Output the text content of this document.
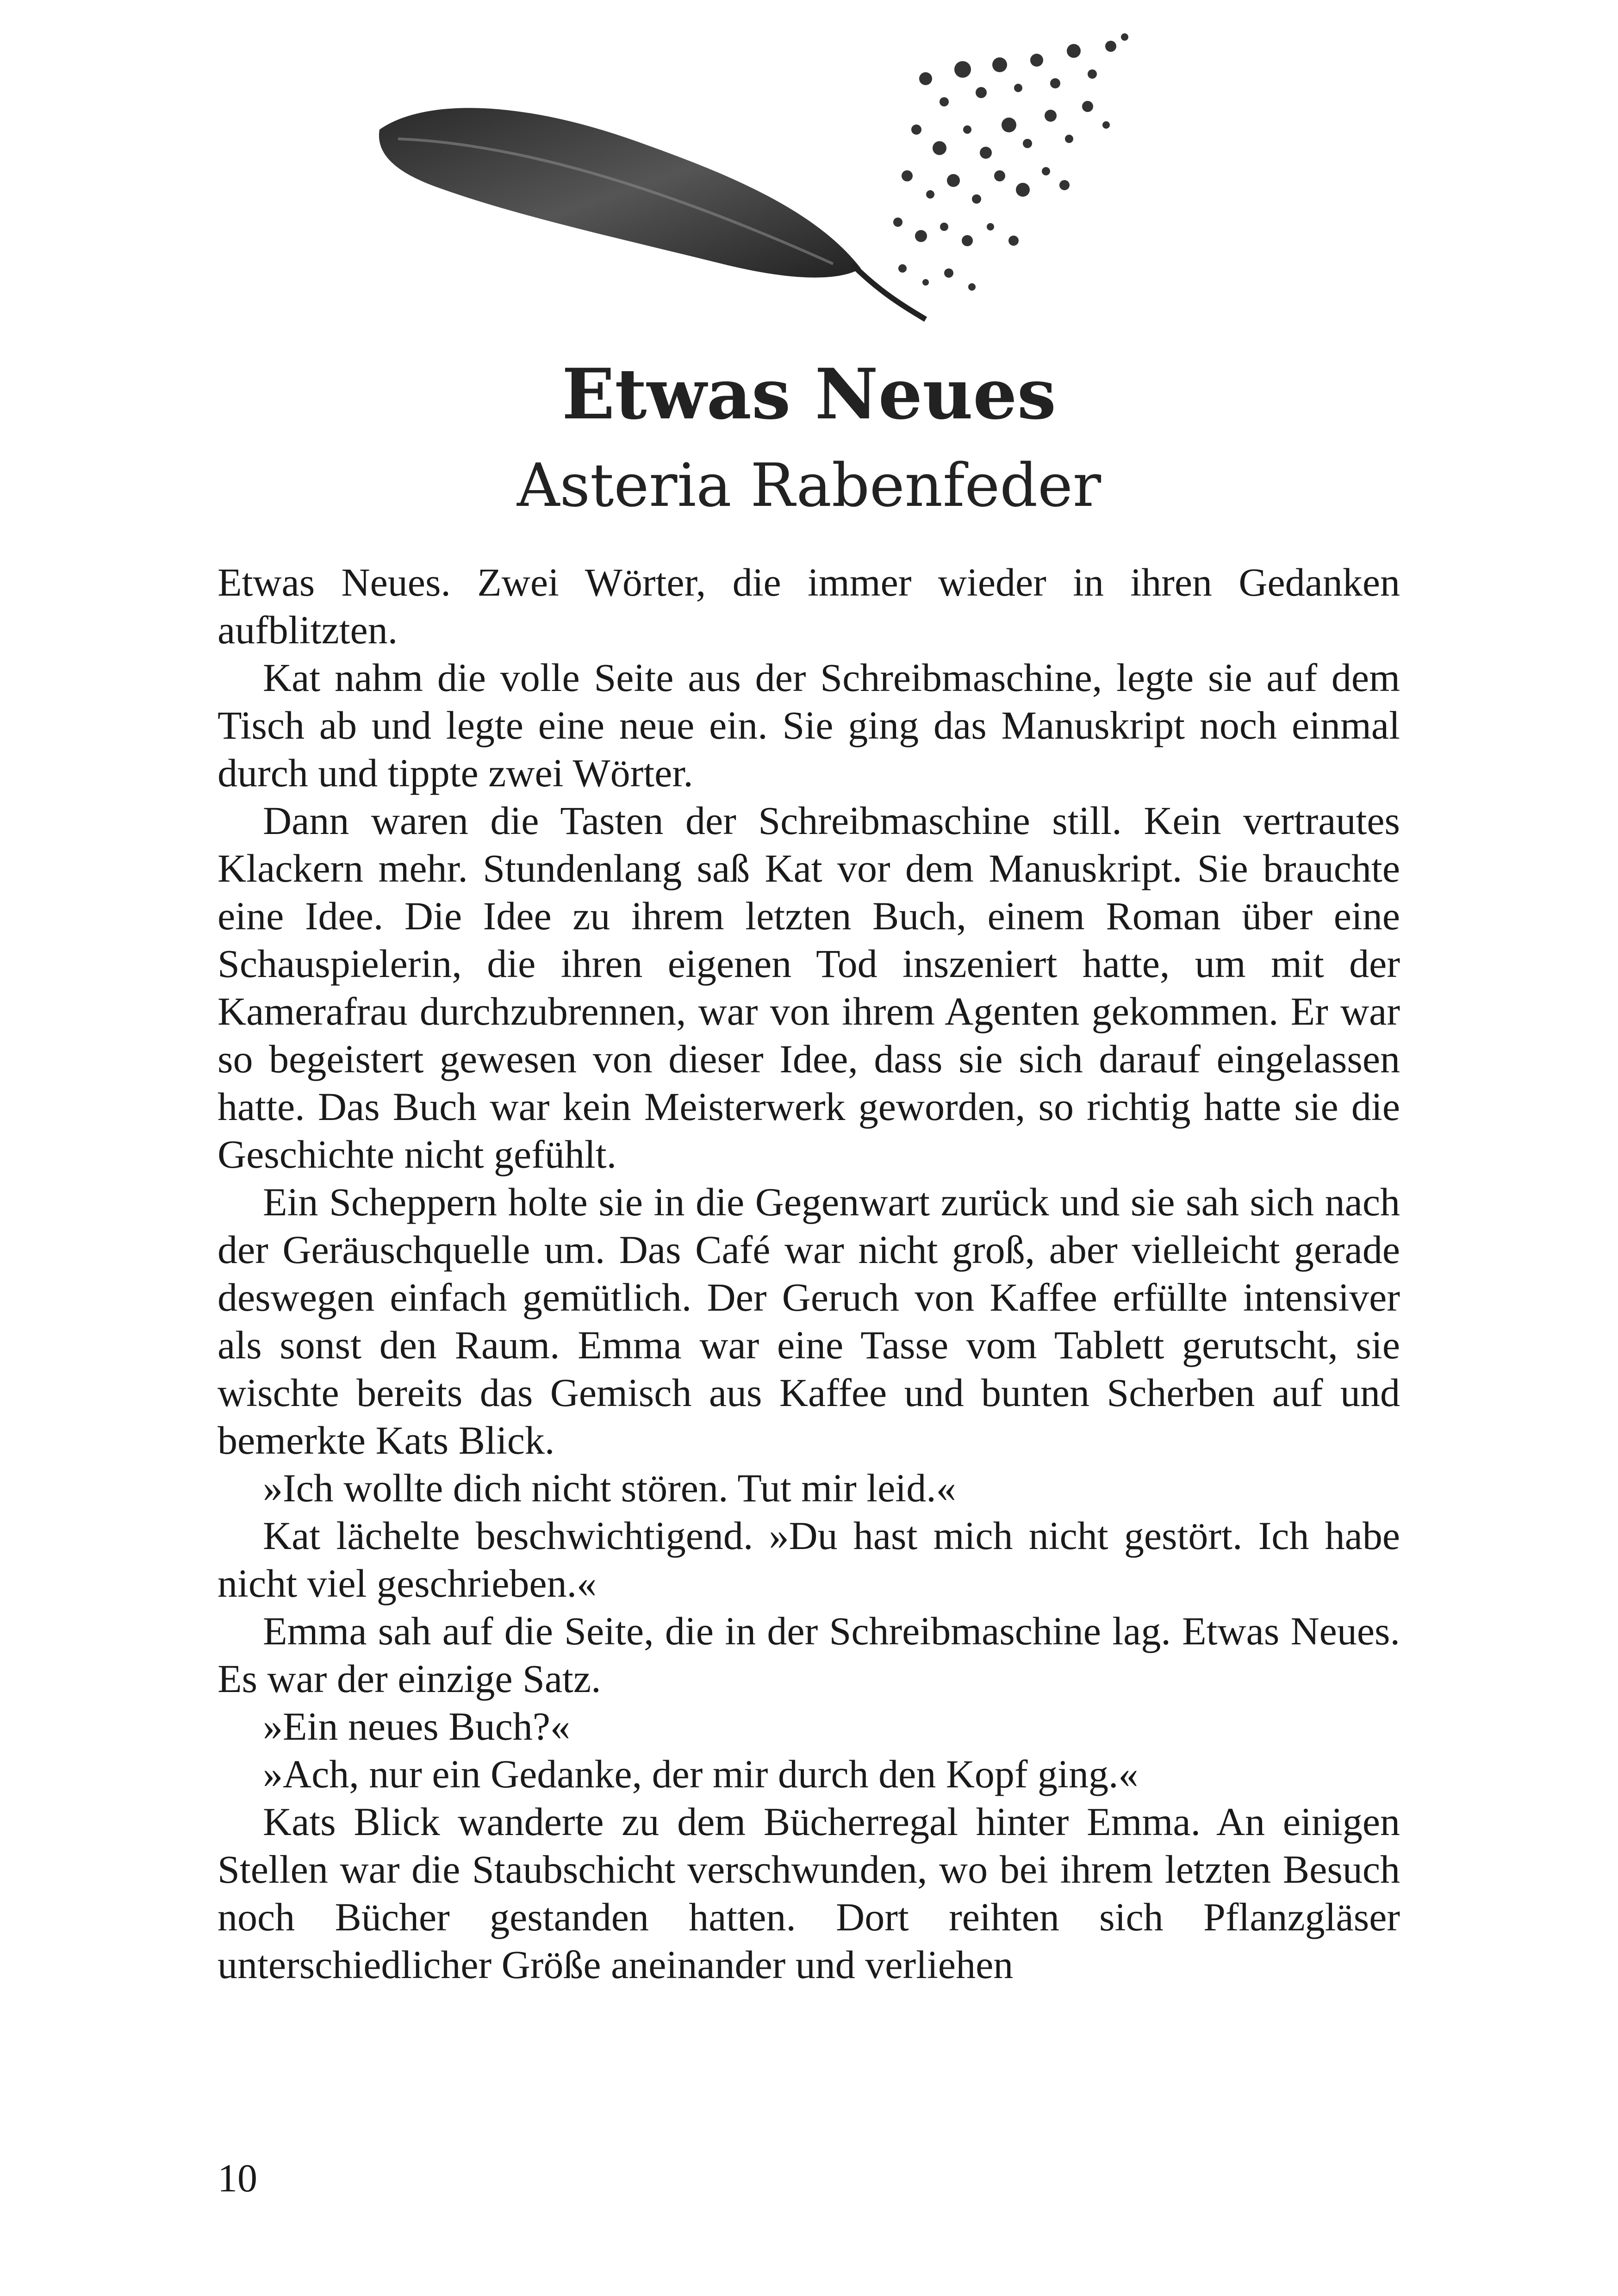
Etwas Neues
Asteria Rabenfeder

Etwas Neues. Zwei Wörter, die immer wieder in ihren Gedanken aufblitzten.

Kat nahm die volle Seite aus der Schreibmaschine, legte sie auf dem Tisch ab und legte eine neue ein. Sie ging das Manuskript noch einmal durch und tippte zwei Wörter.

Dann waren die Tasten der Schreibmaschine still. Kein vertrautes Klackern mehr. Stundenlang saß Kat vor dem Manuskript. Sie brauchte eine Idee. Die Idee zu ihrem letzten Buch, einem Roman über eine Schauspielerin, die ihren eigenen Tod inszeniert hatte, um mit der Kamerafrau durchzubrennen, war von ihrem Agenten gekommen. Er war so begeistert gewesen von dieser Idee, dass sie sich darauf eingelassen hatte. Das Buch war kein Meisterwerk geworden, so richtig hatte sie die Geschichte nicht gefühlt.

Ein Scheppern holte sie in die Gegenwart zurück und sie sah sich nach der Geräuschquelle um. Das Café war nicht groß, aber vielleicht gerade deswegen einfach gemütlich. Der Geruch von Kaffee erfüllte intensiver als sonst den Raum. Emma war eine Tasse vom Tablett gerutscht, sie wischte bereits das Gemisch aus Kaffee und bunten Scherben auf und bemerkte Kats Blick.

»Ich wollte dich nicht stören. Tut mir leid.«

Kat lächelte beschwichtigend. »Du hast mich nicht gestört. Ich habe nicht viel geschrieben.«

Emma sah auf die Seite, die in der Schreibmaschine lag. Etwas Neues. Es war der einzige Satz.

»Ein neues Buch?«

»Ach, nur ein Gedanke, der mir durch den Kopf ging.«

Kats Blick wanderte zu dem Bücherregal hinter Emma. An einigen Stellen war die Staubschicht verschwunden, wo bei ihrem letzten Besuch noch Bücher gestanden hatten. Dort reihten sich Pflanzgläser unterschiedlicher Größe aneinander und verliehen

10
